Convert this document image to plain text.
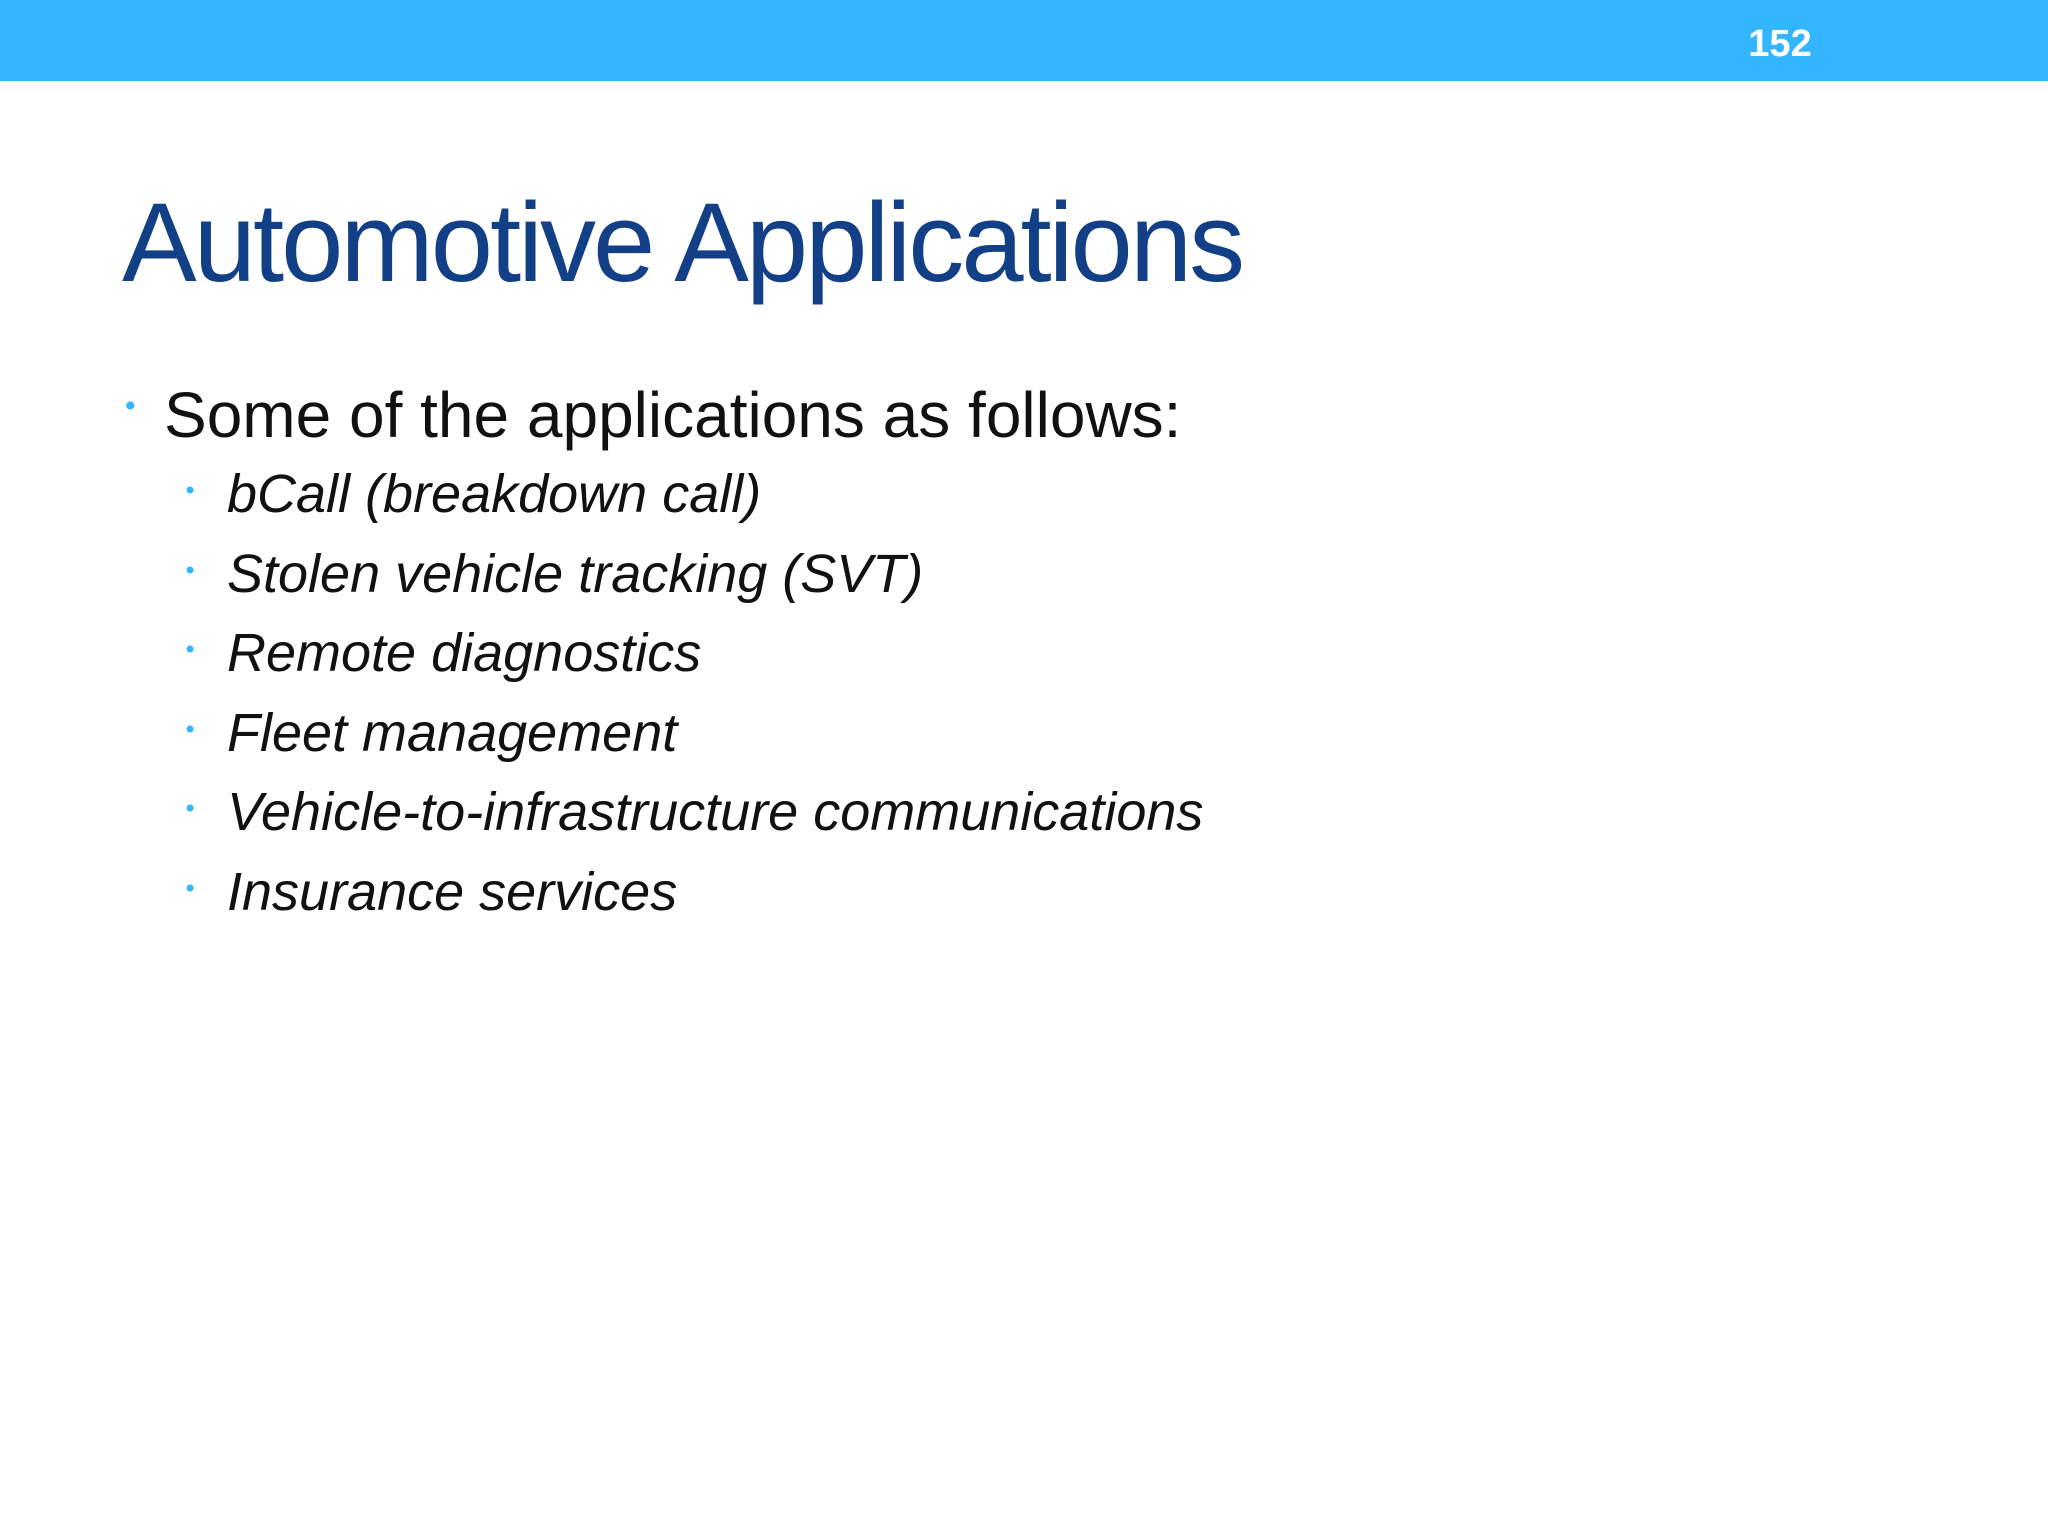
152
Automotive Applications
• Some of the applications as follows:
• bCall (breakdown call)
• Stolen vehicle tracking (SVT)
• Remote diagnostics
• Fleet management
• Vehicle-to-infrastructure communications
• Insurance services
